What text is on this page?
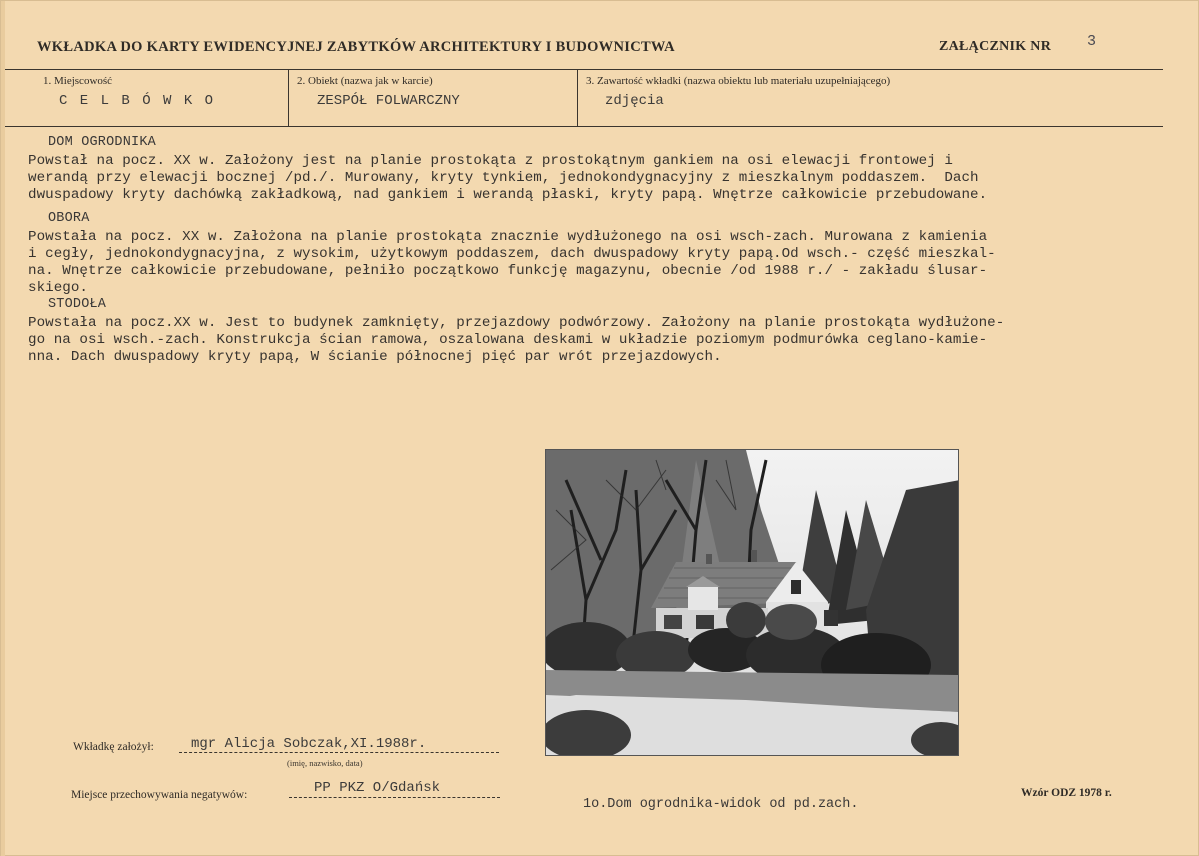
WKŁADKA DO KARTY EWIDENCYJNEJ ZABYTKÓW ARCHITEKTURY I BUDOWNICTWA	ZAŁĄCZNIK NR 3
1. Miejscowość
C E L B Ó W K O
2. Obiekt (nazwa jak w karcie)
ZESPÓŁ FOLWARCZNY
3. Zawartość wkładki (nazwa obiektu lub materiału uzupełniającego)
zdjęcia
DOM OGRODNIKA
Powstał na pocz. XX w. Założony jest na planie prostokąta z prostokątnym gankiem na osi elewacji frontowej i
werandą przy elewacji bocznej /pd./. Murowany, kryty tynkiem, jednokondygnacyjny z mieszkalnym poddaszem.  Dach
dwuspadowy kryty dachówką zakładkową, nad gankiem i werandą płaski, kryty papą. Wnętrze całkowicie przebudowane.
OBORA
Powstała na pocz. XX w. Założona na planie prostokąta znacznie wydłużonego na osi wsch-zach. Murowana z kamienia
i cegły, jednokondygnacyjna, z wysokim, użytkowym poddaszem, dach dwuspadowy kryty papą.Od wsch.- część mieszkal-
na. Wnętrze całkowicie przebudowane, pełniło początkowo funkcję magazynu, obecnie /od 1988 r./ - zakładu ślusar-
skiego.
STODOŁA
Powstała na pocz.XX w. Jest to budynek zamknięty, przejazdowy podwórzowy. Założony na planie prostokąta wydłużone-
go na osi wsch.-zach. Konstrukcja ścian ramowa, oszalowana deskami w układzie poziomym podmurówka ceglano-kamie-
nna. Dach dwuspadowy kryty papą, W ścianie północnej pięć par wrót przejazdowych.
1o.Dom ogrodnika-widok od pd.zach.
Wkładkę założył:	mgr Alicja Sobczak,XI.1988r.
(imię, nazwisko, data)
Miejsce przechowywania negatywów:	PP PKZ O/Gdańsk	Wzór ODZ 1978 r.
